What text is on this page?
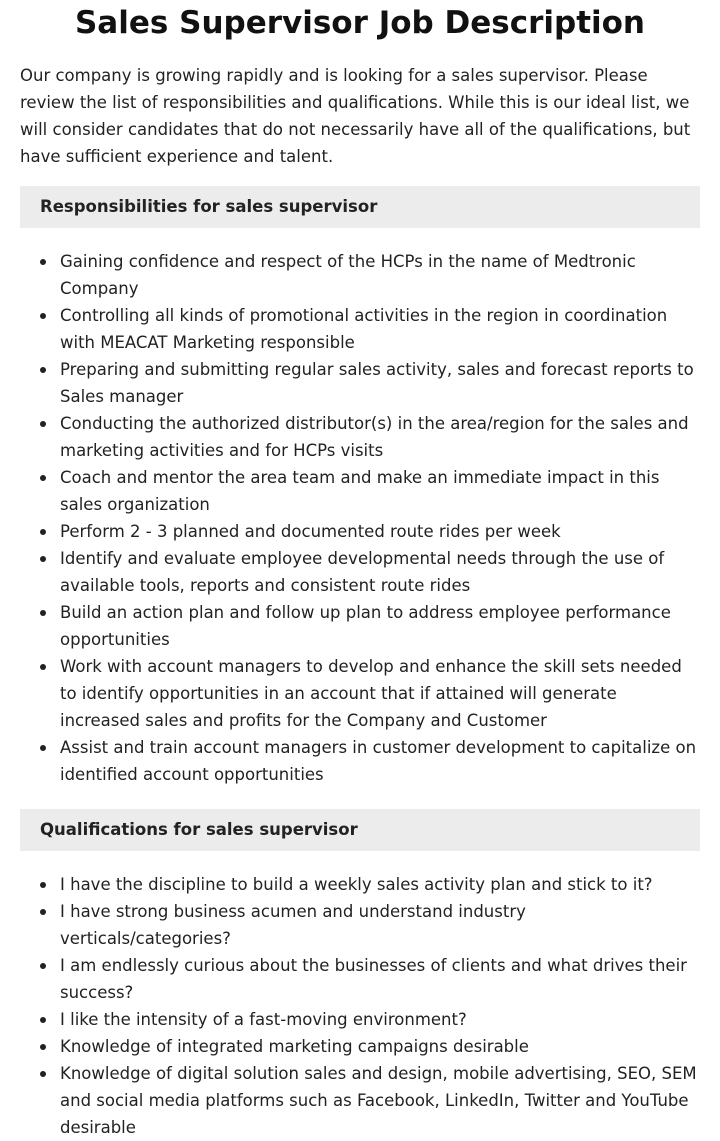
Sales Supervisor Job Description

Our company is growing rapidly and is looking for a sales supervisor. Please review the list of responsibilities and qualifications. While this is our ideal list, we will consider candidates that do not necessarily have all of the qualifications, but have sufficient experience and talent.

Responsibilities for sales supervisor
Gaining confidence and respect of the HCPs in the name of Medtronic Company
Controlling all kinds of promotional activities in the region in coordination with MEACAT Marketing responsible
Preparing and submitting regular sales activity, sales and forecast reports to Sales manager
Conducting the authorized distributor(s) in the area/region for the sales and marketing activities and for HCPs visits
Coach and mentor the area team and make an immediate impact in this sales organization
Perform 2 - 3 planned and documented route rides per week
Identify and evaluate employee developmental needs through the use of available tools, reports and consistent route rides
Build an action plan and follow up plan to address employee performance opportunities
Work with account managers to develop and enhance the skill sets needed to identify opportunities in an account that if attained will generate increased sales and profits for the Company and Customer
Assist and train account managers in customer development to capitalize on identified account opportunities
Qualifications for sales supervisor
I have the discipline to build a weekly sales activity plan and stick to it?
I have strong business acumen and understand industry verticals/categories?
I am endlessly curious about the businesses of clients and what drives their success?
I like the intensity of a fast-moving environment?
Knowledge of integrated marketing campaigns desirable
Knowledge of digital solution sales and design, mobile advertising, SEO, SEM and social media platforms such as Facebook, LinkedIn, Twitter and YouTube desirable
